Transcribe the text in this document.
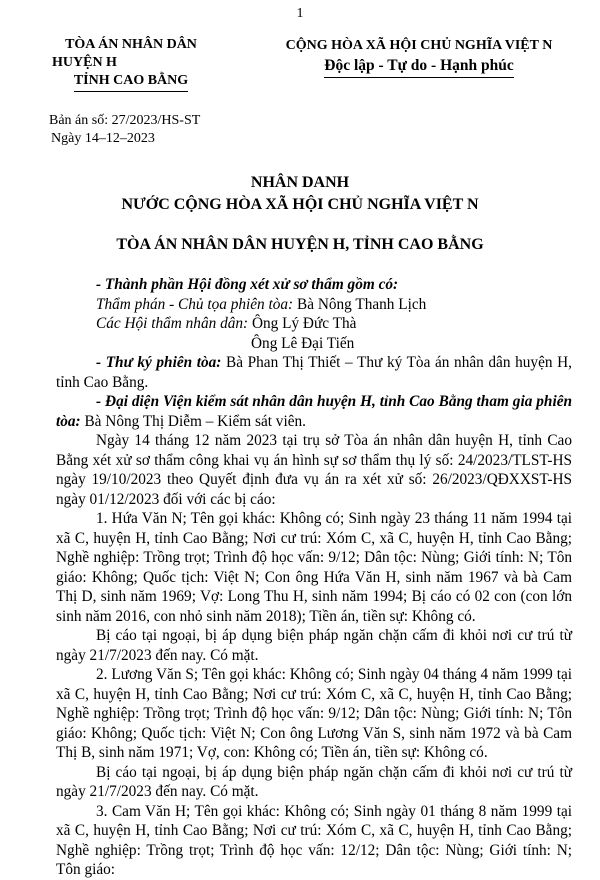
1
TÒA ÁN NHÂN DÂN
HUYỆN H
TỈNH CAO BẰNG
CỘNG HÒA XÃ HỘI CHỦ NGHĨA VIỆT N
Độc lập - Tự do - Hạnh phúc
Bản án số: 27/2023/HS-ST
Ngày 14–12–2023
NHÂN DANH
NƯỚC CỘNG HÒA XÃ HỘI CHỦ NGHĨA VIỆT N
TÒA ÁN NHÂN DÂN HUYỆN H, TỈNH CAO BẰNG

- Thành phần Hội đồng xét xử sơ thẩm gồm có:

Thẩm phán - Chủ tọa phiên tòa: Bà Nông Thanh Lịch

Các Hội thẩm nhân dân: Ông Lý Đức Thà

Ông Lê Đại Tiến

- Thư ký phiên tòa: Bà Phan Thị Thiết – Thư ký Tòa án nhân dân huyện H, tỉnh Cao Bằng.

- Đại diện Viện kiểm sát nhân dân huyện H, tỉnh Cao Bằng tham gia phiên tòa: Bà Nông Thị Diễm – Kiểm sát viên.

Ngày 14 tháng 12 năm 2023 tại trụ sở Tòa án nhân dân huyện H, tỉnh Cao Bằng xét xử sơ thẩm công khai vụ án hình sự sơ thẩm thụ lý số: 24/2023/TLST-HS ngày 19/10/2023 theo Quyết định đưa vụ án ra xét xử số: 26/2023/QĐXXST-HS ngày 01/12/2023 đối với các bị cáo:

1. Hứa Văn N; Tên gọi khác: Không có; Sinh ngày 23 tháng 11 năm 1994 tại xã C, huyện H, tỉnh Cao Bằng; Nơi cư trú: Xóm C, xã C, huyện H, tỉnh Cao Bằng; Nghề nghiệp: Trồng trọt; Trình độ học vấn: 9/12; Dân tộc: Nùng; Giới tính: N; Tôn giáo: Không; Quốc tịch: Việt N; Con ông Hứa Văn H, sinh năm 1967 và bà Cam Thị D, sinh năm 1969; Vợ: Long Thu H, sinh năm 1994; Bị cáo có 02 con (con lớn sinh năm 2016, con nhỏ sinh năm 2018); Tiền án, tiền sự: Không có.

Bị cáo tại ngoại, bị áp dụng biện pháp ngăn chặn cấm đi khỏi nơi cư trú từ ngày 21/7/2023 đến nay. Có mặt.

2. Lương Văn S; Tên gọi khác: Không có; Sinh ngày 04 tháng 4 năm 1999 tại xã C, huyện H, tỉnh Cao Bằng; Nơi cư trú: Xóm C, xã C, huyện H, tỉnh Cao Bằng; Nghề nghiệp: Trồng trọt; Trình độ học vấn: 9/12; Dân tộc: Nùng; Giới tính: N; Tôn giáo: Không; Quốc tịch: Việt N; Con ông Lương Văn S, sinh năm 1972 và bà Cam Thị B, sinh năm 1971; Vợ, con: Không có; Tiền án, tiền sự: Không có.

Bị cáo tại ngoại, bị áp dụng biện pháp ngăn chặn cấm đi khỏi nơi cư trú từ ngày 21/7/2023 đến nay. Có mặt.

3. Cam Văn H; Tên gọi khác: Không có; Sinh ngày 01 tháng 8 năm 1999 tại xã C, huyện H, tỉnh Cao Bằng; Nơi cư trú: Xóm C, xã C, huyện H, tỉnh Cao Bằng; Nghề nghiệp: Trồng trọt; Trình độ học vấn: 12/12; Dân tộc: Nùng; Giới tính: N; Tôn giáo:
